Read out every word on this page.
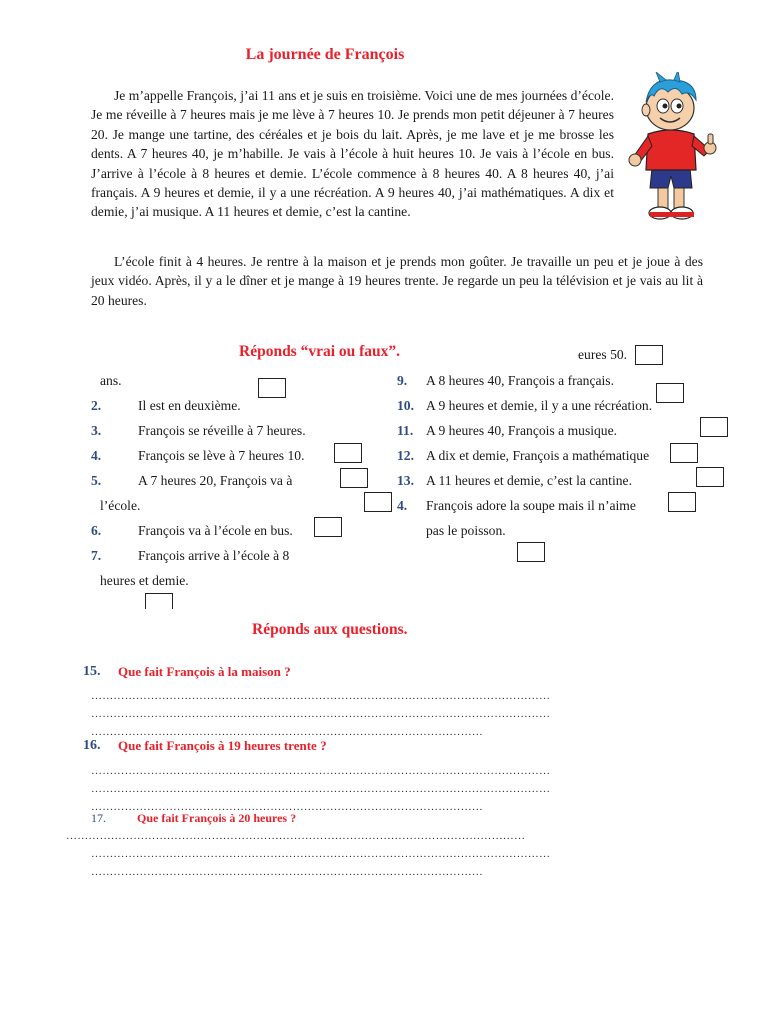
La journée de François

Je m’appelle François, j’ai 11 ans et je suis en troisième. Voici une de mes journées d’école. Je me réveille à 7 heures mais je me lève à 7 heures 10. Je prends mon petit déjeuner à 7 heures 20. Je mange une tartine, des céréales et je bois du lait. Après, je me lave et je me brosse les dents. A 7 heures 40, je m’habille. Je vais à l’école à huit heures 10. Je vais à l’école en bus. J’arrive à l’école à 8 heures et demie. L’école commence à 8 heures 40. A 8 heures 40, j’ai français. A 9 heures et demie, il y a une récréation. A 9 heures 40, j’ai mathématiques. A dix et demie, j’ai musique. A 11 heures et demie, c’est la cantine.

L’école finit à 4 heures. Je rentre à la maison et je prends mon goûter. Je travaille un peu et je joue à des jeux vidéo. Après, il y a le dîner et je mange à 19 heures trente. Je regarde un peu la télévision et je vais au lit à 20 heures.

Réponds “vrai ou faux”.	eures 50.
ans.
2.	Il est en deuxième.
3.	François se réveille à 7 heures.
4.	François se lève à 7 heures 10.
5.	A 7 heures 20, François va à
l’école.
6.	François va à l’école en bus.
7.	François arrive à l’école à 8
heures et demie.
9. A 8 heures 40, François a français.
10. A 9 heures et demie, il y a une récréation.
11. A 9 heures 40, François a musique.
12. A dix et demie, François a mathématique
13. A 11 heures et demie, c’est la cantine.
4. François adore la soupe mais il n’aime
pas le poisson.
Réponds aux questions.
15. Que fait François à la maison ?
……………………………………………………………………………………………………………
……………………………………………………………………………………………………………
……………………………………………………………………………………………
16. Que fait François à 19 heures trente ?
……………………………………………………………………………………………………………
……………………………………………………………………………………………………………
……………………………………………………………………………………………
17.	Que fait François à 20 heures ?
……………………………………………………………………………………………………………
……………………………………………………………………………………………………………
……………………………………………………………………………………………
